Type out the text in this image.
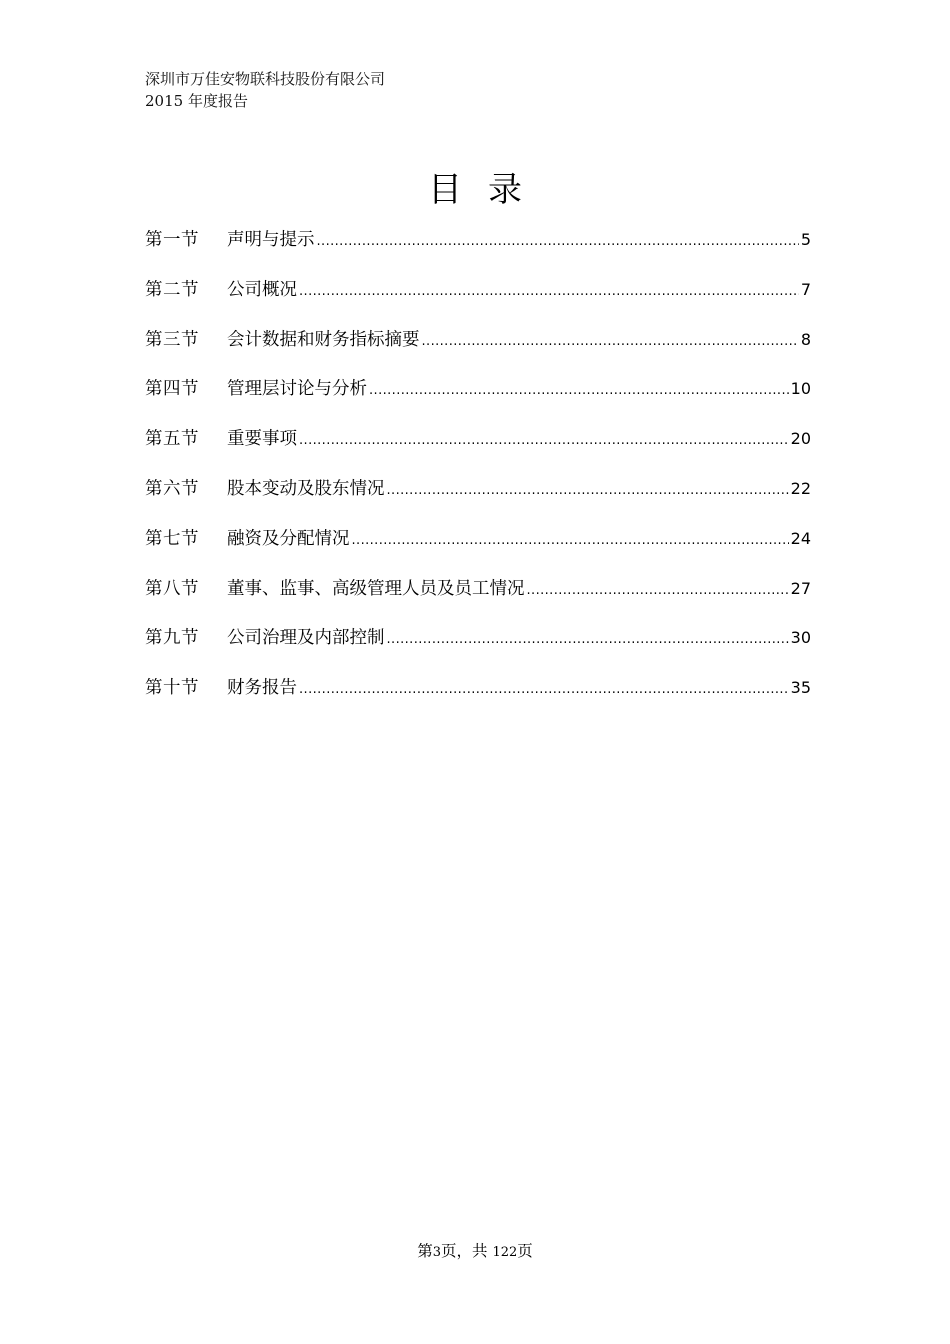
深圳市万佳安物联科技股份有限公司
2015 年度报告
目录
第一节	声明与提示 .....	5
第二节	公司概况 .....	7
第三节	会计数据和财务指标摘要 .....	8
第四节	管理层讨论与分析 .....	10
第五节	重要事项 .....	20
第六节	股本变动及股东情况 .....	22
第七节	融资及分配情况 .....	24
第八节	董事、监事、高级管理人员及员工情况 .....	27
第九节	公司治理及内部控制 .....	30
第十节	财务报告 .....	35
第3页，共 122页
